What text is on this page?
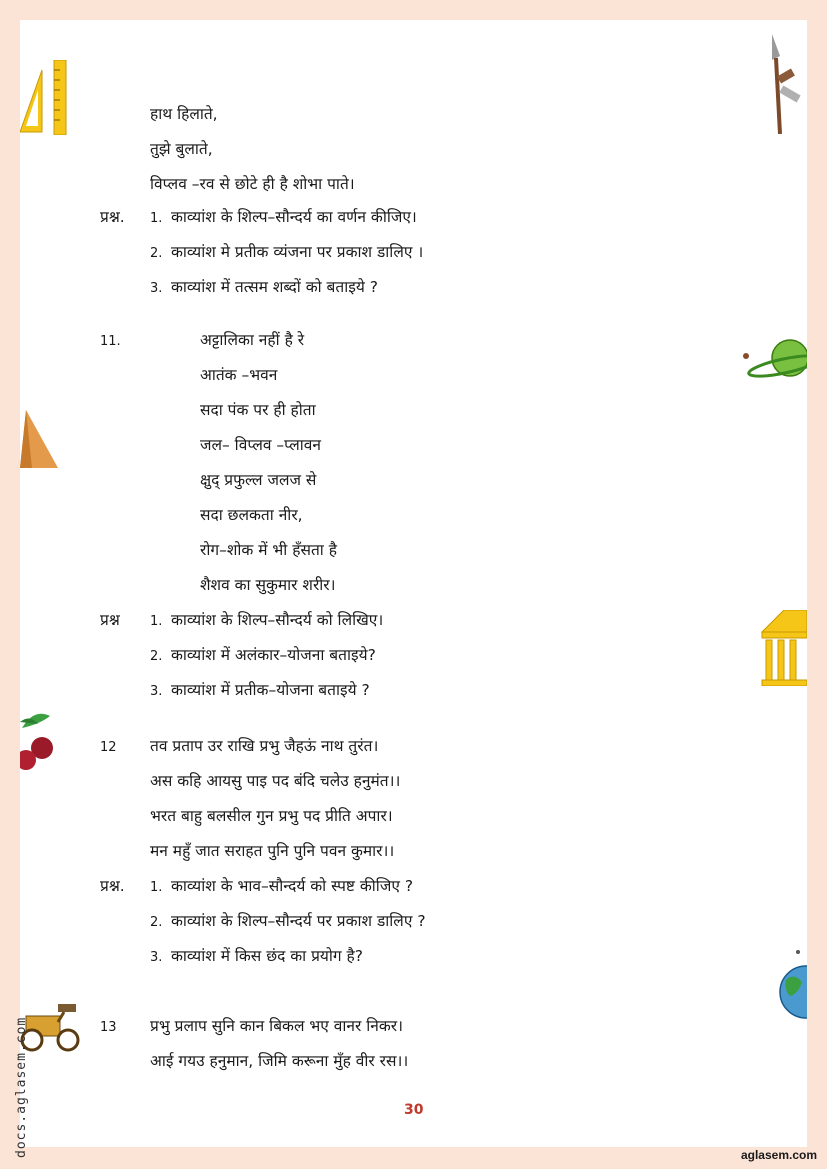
हाथ हिलाते,
तुझे बुलाते,
विप्लव –रव से छोटे ही है शोभा पाते।
प्रश्न. 1. काव्यांश के शिल्प–सौन्दर्य का वर्णन कीजिए।
2. काव्यांश मे प्रतीक व्यंजना पर प्रकाश डालिए ।
3. काव्यांश में तत्सम शब्दों को बताइये ?
11.	अट्टालिका नहीं है रे
आतंक –भवन
सदा पंक पर ही होता
जल– विप्लव –प्लावन
क्षुद् प्रफुल्ल जलज से
सदा छलकता नीर,
रोग–शोक में भी हँसता है
शैशव का सुकुमार शरीर।
प्रश्न 1. काव्यांश के शिल्प–सौन्दर्य को लिखिए।
2. काव्यांश में अलंकार–योजना बताइये?
3. काव्यांश में प्रतीक–योजना बताइये ?
12 तव प्रताप उर राखि प्रभु जैहऊं नाथ तुरंत।
अस कहि आयसु पाइ पद बंदि चलेउ हनुमंत।।
भरत बाहु बलसील गुन प्रभु पद प्रीति अपार।
मन महुँ जात सराहत पुनि पुनि पवन कुमार।।
प्रश्न. 1. काव्यांश के भाव–सौन्दर्य को स्पष्ट कीजिए ?
2. काव्यांश के शिल्प–सौन्दर्य पर प्रकाश डालिए ?
3. काव्यांश में किस छंद का प्रयोग है?
13 प्रभु प्रलाप सुनि कान बिकल भए वानर निकर।
आई गयउ हनुमान, जिमि करूना मुँह वीर रस।।
30
aglasem.com
docs.aglasem.com
